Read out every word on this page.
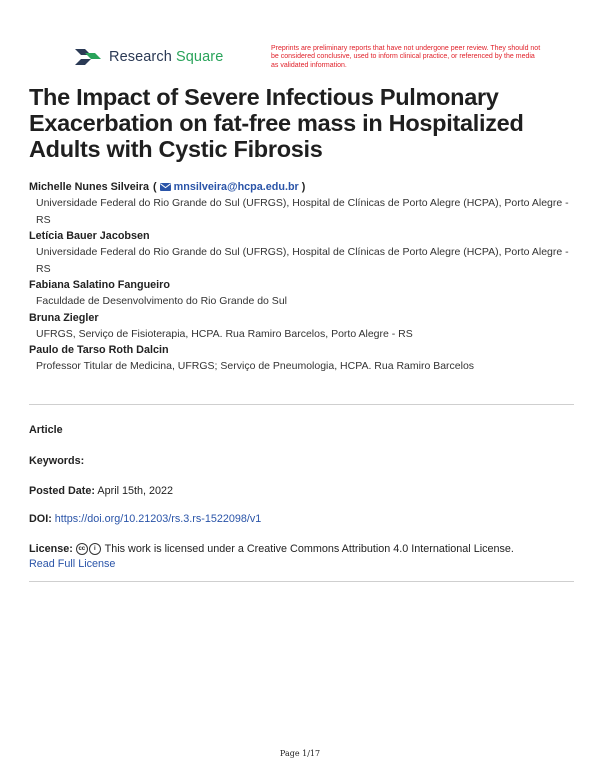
Research Square
Preprints are preliminary reports that have not undergone peer review. They should not be considered conclusive, used to inform clinical practice, or referenced by the media as validated information.
The Impact of Severe Infectious Pulmonary Exacerbation on fat-free mass in Hospitalized Adults with Cystic Fibrosis
Michelle Nunes Silveira ( mnsilveira@hcpa.edu.br )
Universidade Federal do Rio Grande do Sul (UFRGS), Hospital de Clínicas de Porto Alegre (HCPA), Porto Alegre - RS
Letícia Bauer Jacobsen
Universidade Federal do Rio Grande do Sul (UFRGS), Hospital de Clínicas de Porto Alegre (HCPA), Porto Alegre - RS
Fabiana Salatino Fangueiro
Faculdade de Desenvolvimento do Rio Grande do Sul
Bruna Ziegler
UFRGS, Serviço de Fisioterapia, HCPA. Rua Ramiro Barcelos, Porto Alegre - RS
Paulo de Tarso Roth Dalcin
Professor Titular de Medicina, UFRGS; Serviço de Pneumologia, HCPA. Rua Ramiro Barcelos
Article
Keywords:
Posted Date: April 15th, 2022
DOI: https://doi.org/10.21203/rs.3.rs-1522098/v1
License: cc i This work is licensed under a Creative Commons Attribution 4.0 International License.
Read Full License
Page 1/17
